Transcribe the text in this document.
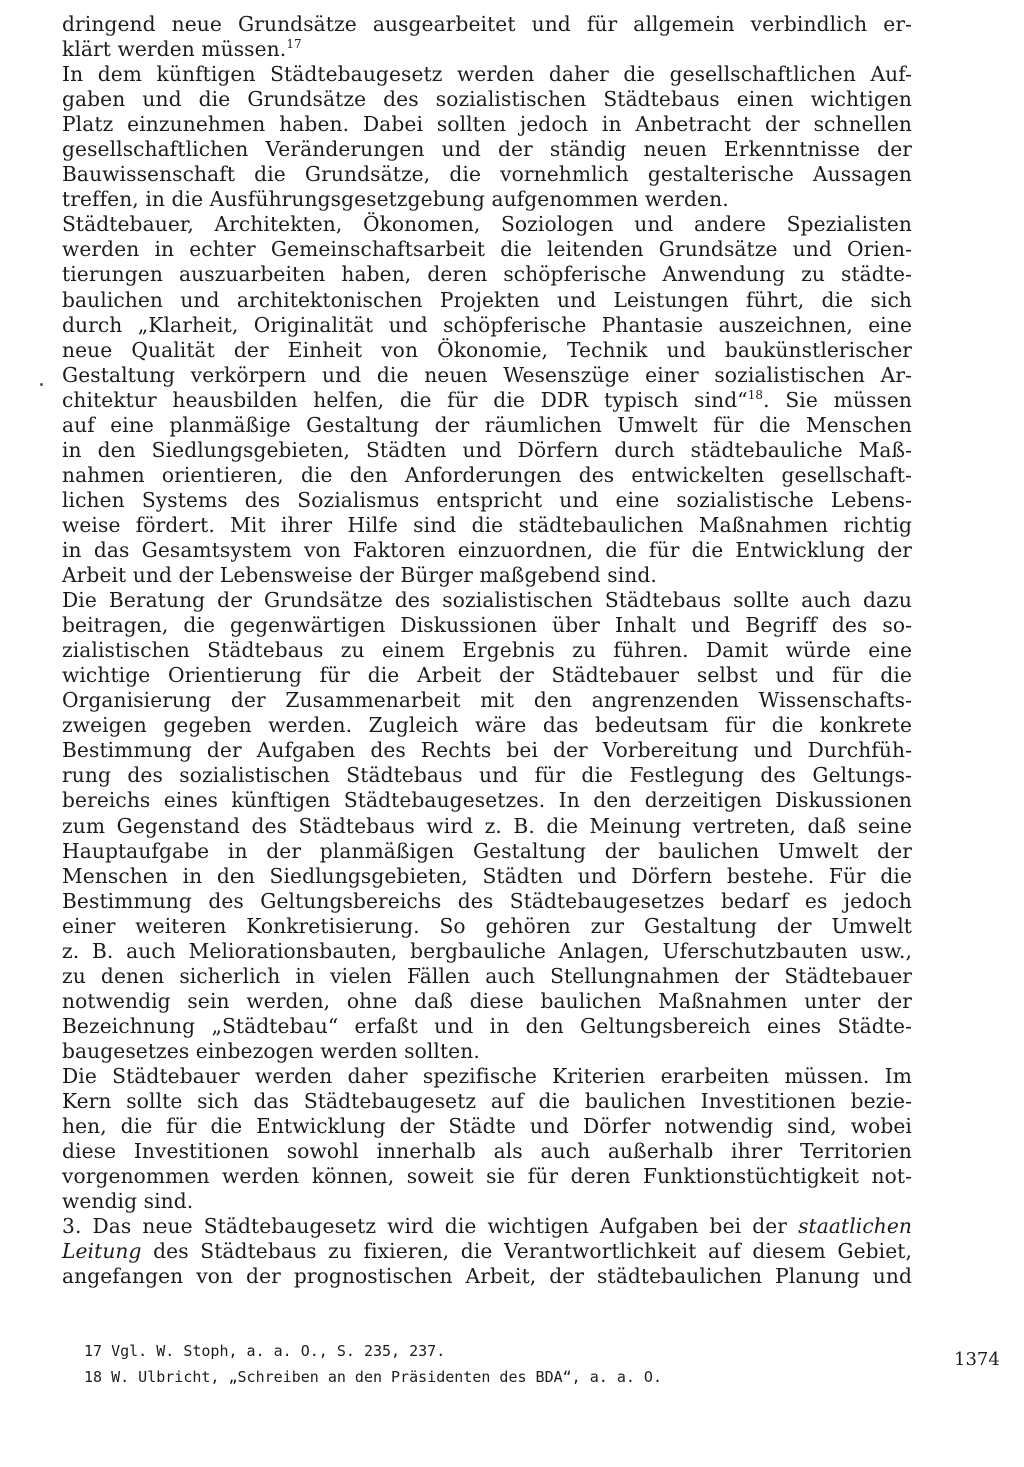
dringend neue Grundsätze ausgearbeitet und für allgemein verbindlich er-
klärt werden müssen.$^{17}$
In dem künftigen Städtebaugesetz werden daher die gesellschaftlichen Auf-
gaben und die Grundsätze des sozialistischen Städtebaus einen wichtigen
Platz einzunehmen haben. Dabei sollten jedoch in Anbetracht der schnellen
gesellschaftlichen Veränderungen und der ständig neuen Erkenntnisse der
Bauwissenschaft die Grundsätze, die vornehmlich gestalterische Aussagen
treffen, in die Ausführungsgesetzgebung aufgenommen werden.
Städtebauer, Architekten, Ökonomen, Soziologen und andere Spezialisten
werden in echter Gemeinschaftsarbeit die leitenden Grundsätze und Orien-
tierungen auszuarbeiten haben, deren schöpferische Anwendung zu städte-
baulichen und architektonischen Projekten und Leistungen führt, die sich
durch „Klarheit, Originalität und schöpferische Phantasie auszeichnen, eine
neue Qualität der Einheit von Ökonomie, Technik und baukünstlerischer
Gestaltung verkörpern und die neuen Wesenszüge einer sozialistischen Ar-
chitektur heausbilden helfen, die für die DDR typisch sind“$^{18}$. Sie müssen
auf eine planmäßige Gestaltung der räumlichen Umwelt für die Menschen
in den Siedlungsgebieten, Städten und Dörfern durch städtebauliche Maß-
nahmen orientieren, die den Anforderungen des entwickelten gesellschaft-
lichen Systems des Sozialismus entspricht und eine sozialistische Lebens-
weise fördert. Mit ihrer Hilfe sind die städtebaulichen Maßnahmen richtig
in das Gesamtsystem von Faktoren einzuordnen, die für die Entwicklung der
Arbeit und der Lebensweise der Bürger maßgebend sind.
Die Beratung der Grundsätze des sozialistischen Städtebaus sollte auch dazu
beitragen, die gegenwärtigen Diskussionen über Inhalt und Begriff des so-
zialistischen Städtebaus zu einem Ergebnis zu führen. Damit würde eine
wichtige Orientierung für die Arbeit der Städtebauer selbst und für die
Organisierung der Zusammenarbeit mit den angrenzenden Wissenschafts-
zweigen gegeben werden. Zugleich wäre das bedeutsam für die konkrete
Bestimmung der Aufgaben des Rechts bei der Vorbereitung und Durchfüh-
rung des sozialistischen Städtebaus und für die Festlegung des Geltungs-
bereichs eines künftigen Städtebaugesetzes. In den derzeitigen Diskussionen
zum Gegenstand des Städtebaus wird z. B. die Meinung vertreten, daß seine
Hauptaufgabe in der planmäßigen Gestaltung der baulichen Umwelt der
Menschen in den Siedlungsgebieten, Städten und Dörfern bestehe. Für die
Bestimmung des Geltungsbereichs des Städtebaugesetzes bedarf es jedoch
einer weiteren Konkretisierung. So gehören zur Gestaltung der Umwelt
z. B. auch Meliorationsbauten, bergbauliche Anlagen, Uferschutzbauten usw.,
zu denen sicherlich in vielen Fällen auch Stellungnahmen der Städtebauer
notwendig sein werden, ohne daß diese baulichen Maßnahmen unter der
Bezeichnung „Städtebau“ erfaßt und in den Geltungsbereich eines Städte-
baugesetzes einbezogen werden sollten.
Die Städtebauer werden daher spezifische Kriterien erarbeiten müssen. Im
Kern sollte sich das Städtebaugesetz auf die baulichen Investitionen bezie-
hen, die für die Entwicklung der Städte und Dörfer notwendig sind, wobei
diese Investitionen sowohl innerhalb als auch außerhalb ihrer Territorien
vorgenommen werden können, soweit sie für deren Funktionstüchtigkeit not-
wendig sind.
3. Das neue Städtebaugesetz wird die wichtigen Aufgaben bei der staatlichen
Leitung des Städtebaus zu fixieren, die Verantwortlichkeit auf diesem Gebiet,
angefangen von der prognostischen Arbeit, der städtebaulichen Planung und
17 Vgl. W. Stoph, a. a. O., S. 235, 237.
18 W. Ulbricht, „Schreiben an den Präsidenten des BDA“, a. a. O.
1374
